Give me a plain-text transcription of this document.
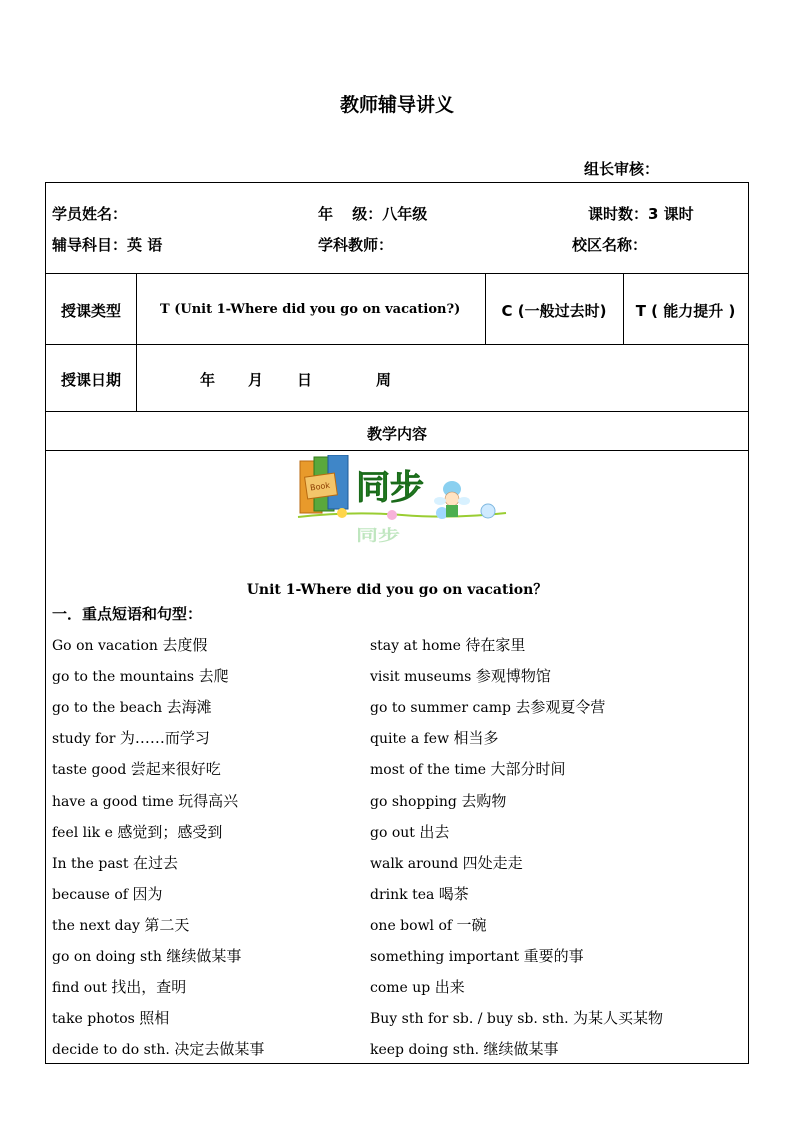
教师辅导讲义
组长审核：
学员姓名：	年 级：八年级	课时数：3 课时
辅导科目：英 语	学科教师：	校区名称：
授课类型	T (Unit 1-Where did you go on vacation?)	C (一般过去时)	T ( 能力提升 )
授课日期	年 月 日	周
教学内容
Book 同步
同步
Unit 1-Where did you go on vacation？
一．重点短语和句型：
Go on vacation 去度假	stay at home 待在家里
go to the mountains 去爬	visit museums 参观博物馆
go to the beach 去海滩	go to summer camp 去参观夏令营
study for 为……而学习	quite a few 相当多
taste good 尝起来很好吃	most of the time 大部分时间
have a good time 玩得高兴	go shopping 去购物
feel lik e 感觉到；感受到	go out 出去
In the past 在过去	walk around 四处走走
because of 因为	drink tea 喝茶
the next day 第二天	one bowl of 一碗
go on doing sth 继续做某事	something important 重要的事
find out 找出，查明	come up 出来
take photos 照相	Buy sth for sb. / buy sb. sth. 为某人买某物
decide to do sth. 决定去做某事	keep doing sth. 继续做某事
